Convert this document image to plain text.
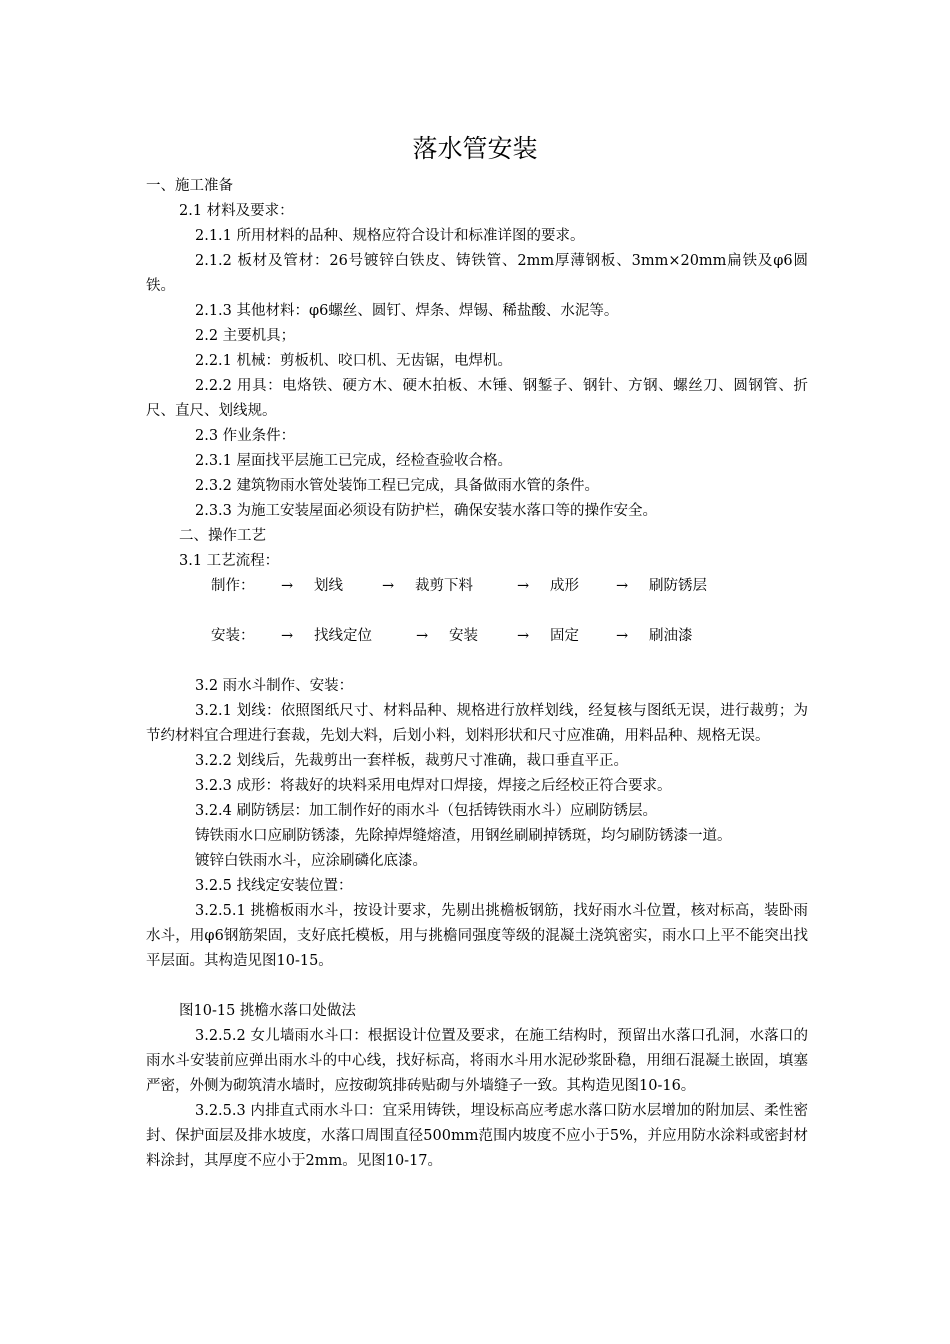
落水管安装

一、施工准备

2.1 材料及要求：

2.1.1 所用材料的品种、规格应符合设计和标准详图的要求。

2.1.2 板材及管材：26号镀锌白铁皮、铸铁管、2mm厚薄钢板、3mm×20mm扁铁及φ6圆铁。

2.1.3 其他材料：φ6螺丝、圆钉、焊条、焊锡、稀盐酸、水泥等。

2.2 主要机具；

2.2.1 机械：剪板机、咬口机、无齿锯，电焊机。

2.2.2 用具：电烙铁、硬方木、硬木拍板、木锤、钢錾子、钢针、方钢、螺丝刀、圆钢管、折尺、直尺、划线规。

2.3 作业条件：

2.3.1 屋面找平层施工已完成，经检查验收合格。

2.3.2 建筑物雨水管处装饰工程已完成，具备做雨水管的条件。

2.3.3 为施工安装屋面必须设有防护栏，确保安装水落口等的操作安全。

二、操作工艺

3.1 工艺流程：

制作：	→	划线	→	裁剪下料	→	成形	→	刷防锈层
安装：	→	找线定位	→	安装	→	固定	→	刷油漆

3.2 雨水斗制作、安装：

3.2.1 划线：依照图纸尺寸、材料品种、规格进行放样划线，经复核与图纸无误，进行裁剪；为节约材料宜合理进行套裁，先划大料，后划小料，划料形状和尺寸应准确，用料品种、规格无误。

3.2.2 划线后，先裁剪出一套样板，裁剪尺寸准确，裁口垂直平正。

3.2.3 成形：将裁好的块料采用电焊对口焊接，焊接之后经校正符合要求。

3.2.4 刷防锈层：加工制作好的雨水斗（包括铸铁雨水斗）应刷防锈层。

铸铁雨水口应刷防锈漆，先除掉焊缝熔渣，用钢丝刷刷掉锈斑，均匀刷防锈漆一道。

镀锌白铁雨水斗，应涂刷磷化底漆。

3.2.5 找线定安装位置：

3.2.5.1 挑檐板雨水斗，按设计要求，先剔出挑檐板钢筋，找好雨水斗位置，核对标高，装卧雨水斗，用φ6钢筋架固，支好底托模板，用与挑檐同强度等级的混凝土浇筑密实，雨水口上平不能突出找平层面。其构造见图10-15。

图10-15 挑檐水落口处做法

3.2.5.2 女儿墙雨水斗口：根据设计位置及要求，在施工结构时，预留出水落口孔洞，水落口的雨水斗安装前应弹出雨水斗的中心线，找好标高，将雨水斗用水泥砂浆卧稳，用细石混凝土嵌固，填塞严密，外侧为砌筑清水墙时，应按砌筑排砖贴砌与外墙缝子一致。其构造见图10-16。

3.2.5.3 内排直式雨水斗口：宜采用铸铁，埋设标高应考虑水落口防水层增加的附加层、柔性密封、保护面层及排水坡度，水落口周围直径500mm范围内坡度不应小于5%，并应用防水涂料或密封材料涂封，其厚度不应小于2mm。见图10-17。
